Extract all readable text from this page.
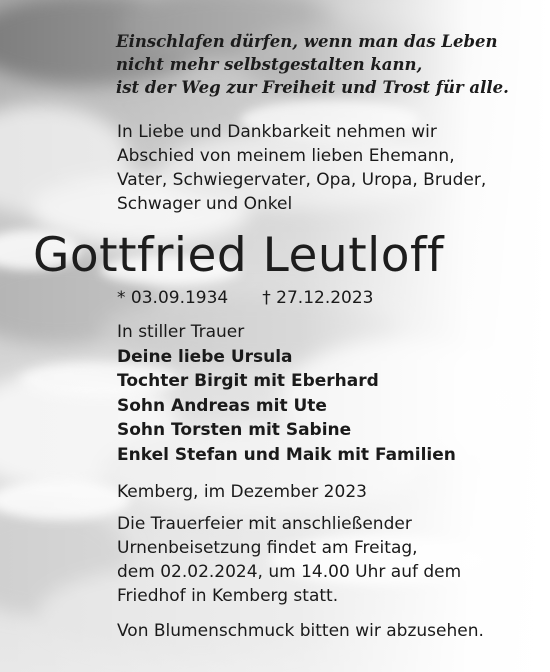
Einschlafen dürfen, wenn man das Leben
nicht mehr selbstgestalten kann,
ist der Weg zur Freiheit und Trost für alle.
In Liebe und Dankbarkeit nehmen wir
Abschied von meinem lieben Ehemann,
Vater, Schwiegervater, Opa, Uropa, Bruder,
Schwager und Onkel
Gottfried Leutloff
* 03.09.1934 † 27.12.2023
In stiller Trauer
Deine liebe Ursula
Tochter Birgit mit Eberhard
Sohn Andreas mit Ute
Sohn Torsten mit Sabine
Enkel Stefan und Maik mit Familien
Kemberg, im Dezember 2023
Die Trauerfeier mit anschließender
Urnenbeisetzung findet am Freitag,
dem 02.02.2024, um 14.00 Uhr auf dem
Friedhof in Kemberg statt.
Von Blumenschmuck bitten wir abzusehen.
